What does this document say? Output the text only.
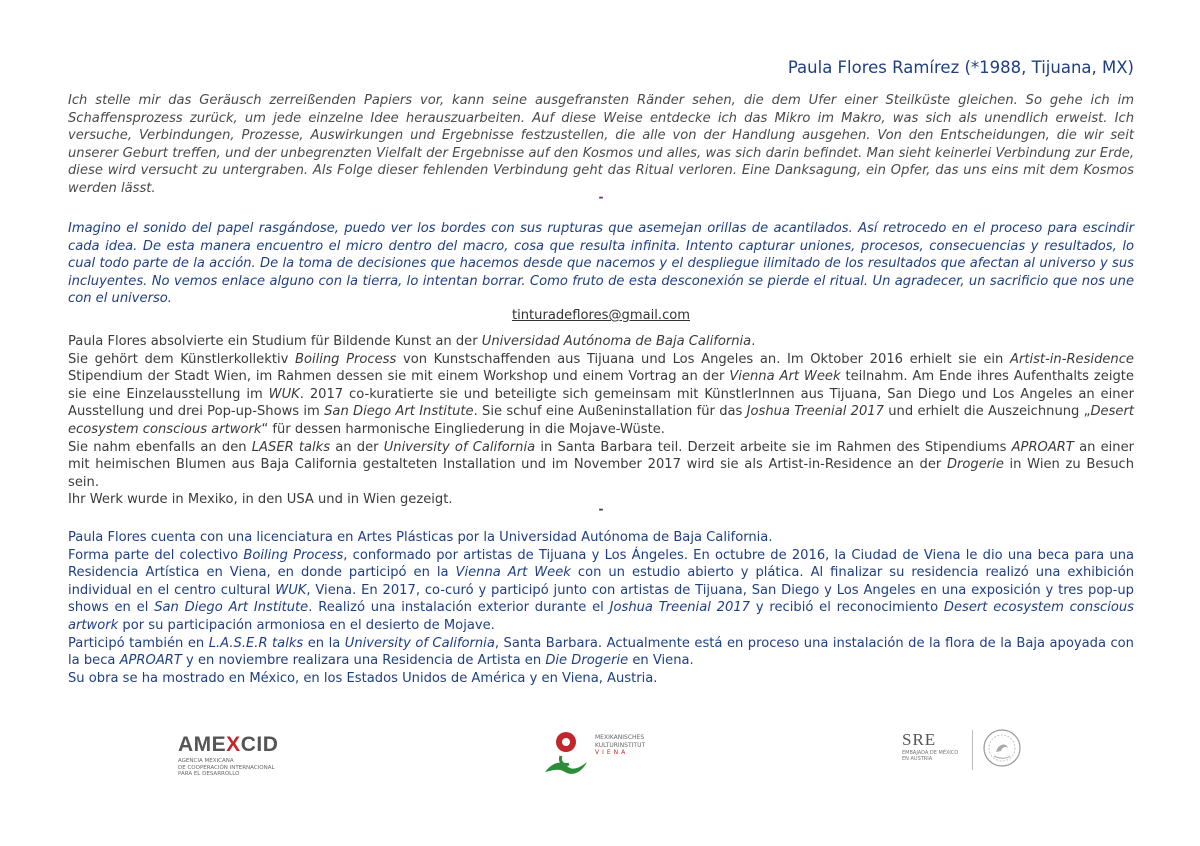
Paula Flores Ramírez (*1988, Tijuana, MX)
Ich stelle mir das Geräusch zerreißenden Papiers vor, kann seine ausgefransten Ränder sehen, die dem Ufer einer Steilküste gleichen. So gehe ich im Schaffensprozess zurück, um jede einzelne Idee herauszuarbeiten. Auf diese Weise entdecke ich das Mikro im Makro, was sich als unendlich erweist. Ich versuche, Verbindungen, Prozesse, Auswirkungen und Ergebnisse festzustellen, die alle von der Handlung ausgehen. Von den Entscheidungen, die wir seit unserer Geburt treffen, und der unbegrenzten Vielfalt der Ergebnisse auf den Kosmos und alles, was sich darin befindet. Man sieht keinerlei Verbindung zur Erde, diese wird versucht zu untergraben. Als Folge dieser fehlenden Verbindung geht das Ritual verloren. Eine Danksagung, ein Opfer, das uns eins mit dem Kosmos werden lässt.
-
Imagino el sonido del papel rasgándose, puedo ver los bordes con sus rupturas que asemejan orillas de acantilados. Así retrocedo en el proceso para escindir cada idea. De esta manera encuentro el micro dentro del macro, cosa que resulta infinita. Intento capturar uniones, procesos, consecuencias y resultados, lo cual todo parte de la acción. De la toma de decisiones que hacemos desde que nacemos y el despliegue ilimitado de los resultados que afectan al universo y sus incluyentes. No vemos enlace alguno con la tierra, lo intentan borrar. Como fruto de esta desconexión se pierde el ritual. Un agradecer, un sacrificio que nos une con el universo.
tinturadeflores@gmail.com

Paula Flores absolvierte ein Studium für Bildende Kunst an der Universidad Autónoma de Baja California.

Sie gehört dem Künstlerkollektiv Boiling Process von Kunstschaffenden aus Tijuana und Los Angeles an. Im Oktober 2016 erhielt sie ein Artist-in-Residence Stipendium der Stadt Wien, im Rahmen dessen sie mit einem Workshop und einem Vortrag an der Vienna Art Week teilnahm. Am Ende ihres Aufenthalts zeigte sie eine Einzelausstellung im WUK. 2017 co-kuratierte sie und beteiligte sich gemeinsam mit KünstlerInnen aus Tijuana, San Diego und Los Angeles an einer Ausstellung und drei Pop-up-Shows im San Diego Art Institute. Sie schuf eine Außeninstallation für das Joshua Treenial 2017 und erhielt die Auszeichnung „Desert ecosystem conscious artwork“ für dessen harmonische Eingliederung in die Mojave-Wüste.

Sie nahm ebenfalls an den LASER talks an der University of California in Santa Barbara teil. Derzeit arbeite sie im Rahmen des Stipendiums APROART an einer mit heimischen Blumen aus Baja California gestalteten Installation und im November 2017 wird sie als Artist-in-Residence an der Drogerie in Wien zu Besuch sein.

Ihr Werk wurde in Mexiko, in den USA und in Wien gezeigt.

-

Paula Flores cuenta con una licenciatura en Artes Plásticas por la Universidad Autónoma de Baja California.

Forma parte del colectivo Boiling Process, conformado por artistas de Tijuana y Los Ángeles. En octubre de 2016, la Ciudad de Viena le dio una beca para una Residencia Artística en Viena, en donde participó en la Vienna Art Week con un estudio abierto y plática. Al finalizar su residencia realizó una exhibición individual en el centro cultural WUK, Viena. En 2017, co-curó y participó junto con artistas de Tijuana, San Diego y Los Angeles en una exposición y tres pop-up shows en el San Diego Art Institute. Realizó una instalación exterior durante el Joshua Treenial 2017 y recibió el reconocimiento Desert ecosystem conscious artwork por su participación armoniosa en el desierto de Mojave.

Participó también en L.A.S.E.R talks en la University of California, Santa Barbara. Actualmente está en proceso una instalación de la flora de la Baja apoyada con la beca APROART y en noviembre realizara una Residencia de Artista en Die Drogerie en Viena.

Su obra se ha mostrado en México, en los Estados Unidos de América y en Viena, Austria.

AMEXCID
AGENCIA MEXICANA
DE COOPERACIÓN INTERNACIONAL
PARA EL DESARROLLO
MEXIKANISCHES
KULTURINSTITUT
VIENA
SRE
EMBAJADA DE MÉXICO
EN AUSTRIA
